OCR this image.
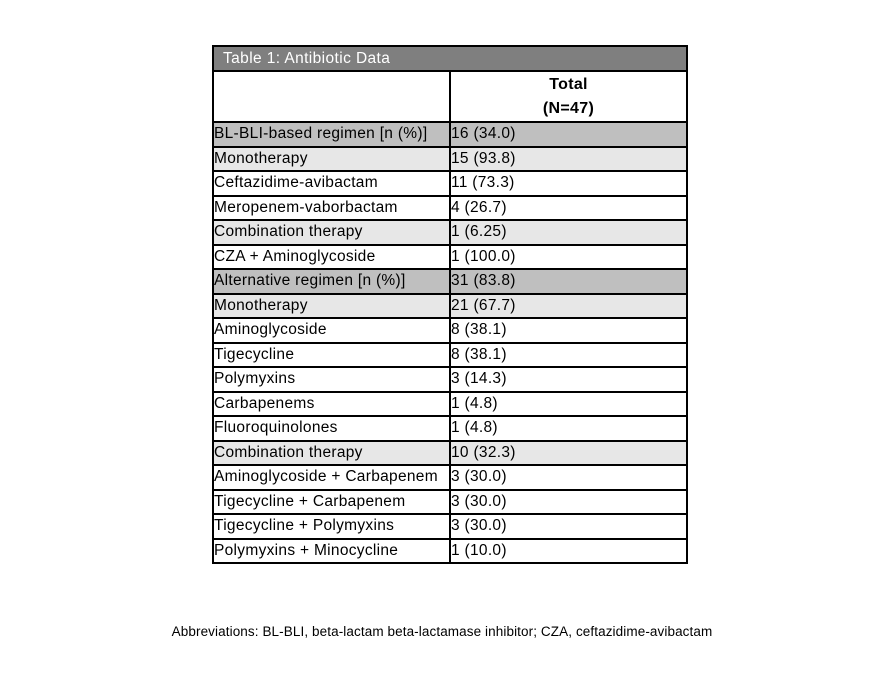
Table 1: Antibiotic Data	

	Total
(N=47)

BL-BLI-based regimen [n (%)]	16 (34.0)
Monotherapy	15 (93.8)
Ceftazidime-avibactam	11 (73.3)
Meropenem-vaborbactam	4 (26.7)
Combination therapy	1 (6.25)
CZA + Aminoglycoside	1 (100.0)
Alternative regimen [n (%)]	31 (83.8)
Monotherapy	21 (67.7)
Aminoglycoside	8 (38.1)
Tigecycline	8 (38.1)
Polymyxins	3 (14.3)
Carbapenems	1 (4.8)
Fluoroquinolones	1 (4.8)
Combination therapy	10 (32.3)
Aminoglycoside + Carbapenem	3 (30.0)
Tigecycline + Carbapenem	3 (30.0)
Tigecycline + Polymyxins	3 (30.0)
Polymyxins + Minocycline	1 (10.0)
Abbreviations: BL-BLI, beta-lactam beta-lactamase inhibitor; CZA, ceftazidime-avibactam
